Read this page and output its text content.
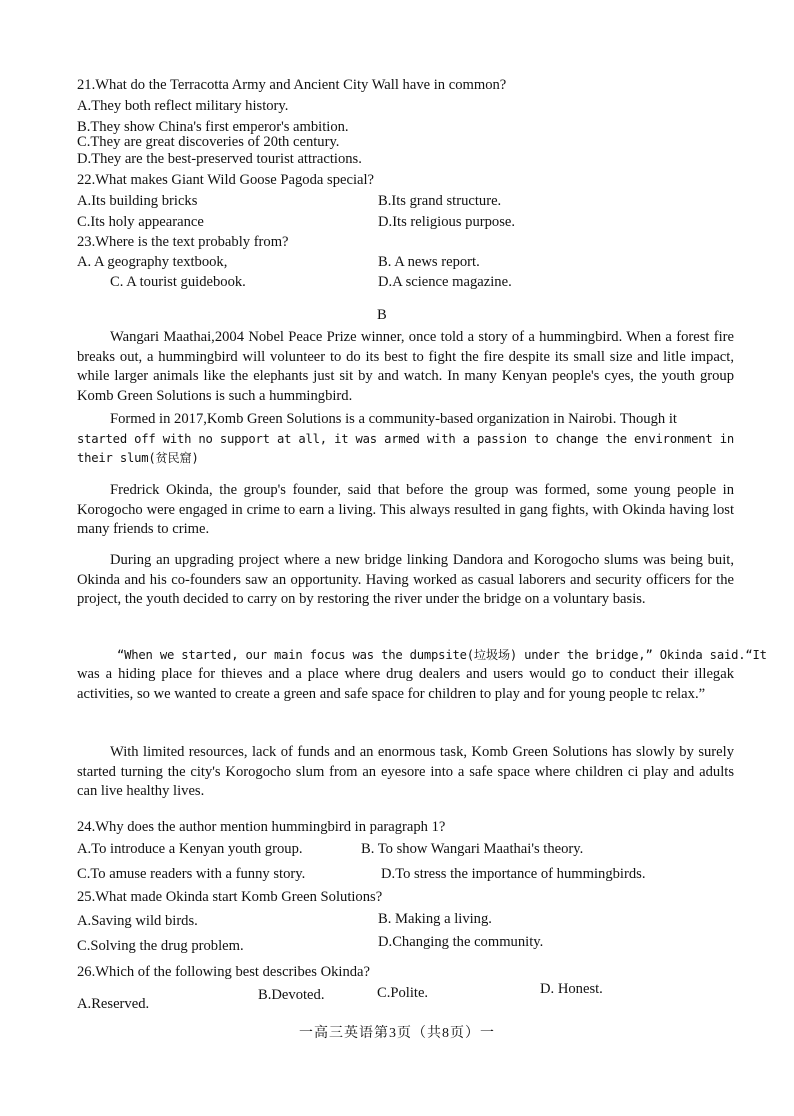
21.What do the Terracotta Army and Ancient City Wall have in common?
A.They both reflect military history.
B.They show China's first emperor's ambition.
C.They are great discoveries of 20th century.
D.They are the best-preserved tourist attractions.
22.What makes Giant Wild Goose Pagoda special?
A.Its building bricks	B.Its grand structure.
C.Its holy appearance	D.Its religious purpose.
23.Where is the text probably from?
A. A geography textbook,	B. A news report.
C. A tourist guidebook.	D.A science magazine.
B

Wangari Maathai,2004 Nobel Peace Prize winner, once told a story of a hummingbird. When a forest fire breaks out, a hummingbird will volunteer to do its best to fight the fire despite its small size and litle impact, while larger animals like the elephants just sit by and watch. In many Kenyan people's cyes, the youth group Komb Green Solutions is such a hummingbird.

Formed in 2017,Komb Green Solutions is a community-based organization in Nairobi. Though it

started off with no support at all, it was armed with a passion to change the environment in their slum(贫民窟)

Fredrick Okinda, the group's founder, said that before the group was formed, some young people in Korogocho were engaged in crime to earn a living. This always resulted in gang fights, with Okinda having lost many friends to crime.

During an upgrading project where a new bridge linking Dandora and Korogocho slums was being buit, Okinda and his co-founders saw an opportunity. Having worked as casual laborers and security officers for the project, the youth decided to carry on by restoring the river under the bridge on a voluntary basis.

“When we started, our main focus was the dumpsite(垃圾场) under the bridge,” Okinda said.“It
was a hiding place for thieves and a place where drug dealers and users would go to conduct their illegak activities, so we wanted to create a green and safe space for children to play and for young people tc relax.”

With limited resources, lack of funds and an enormous task, Komb Green Solutions has slowly by surely started turning the city's Korogocho slum from an eyesore into a safe space where children ci play and adults can live healthy lives.

24.Why does the author mention hummingbird in paragraph 1?
A.To introduce a Kenyan youth group.	B. To show Wangari Maathai's theory.
C.To amuse readers with a funny story.	D.To stress the importance of hummingbirds.
25.What made Okinda start Komb Green Solutions?
A.Saving wild birds.	B. Making a living.
C.Solving the drug problem.	D.Changing the community.
26.Which of the following best describes Okinda?
A.Reserved.
B.Devoted.	C.Polite.	D. Honest.
一高三英语第3页（共8页）一
